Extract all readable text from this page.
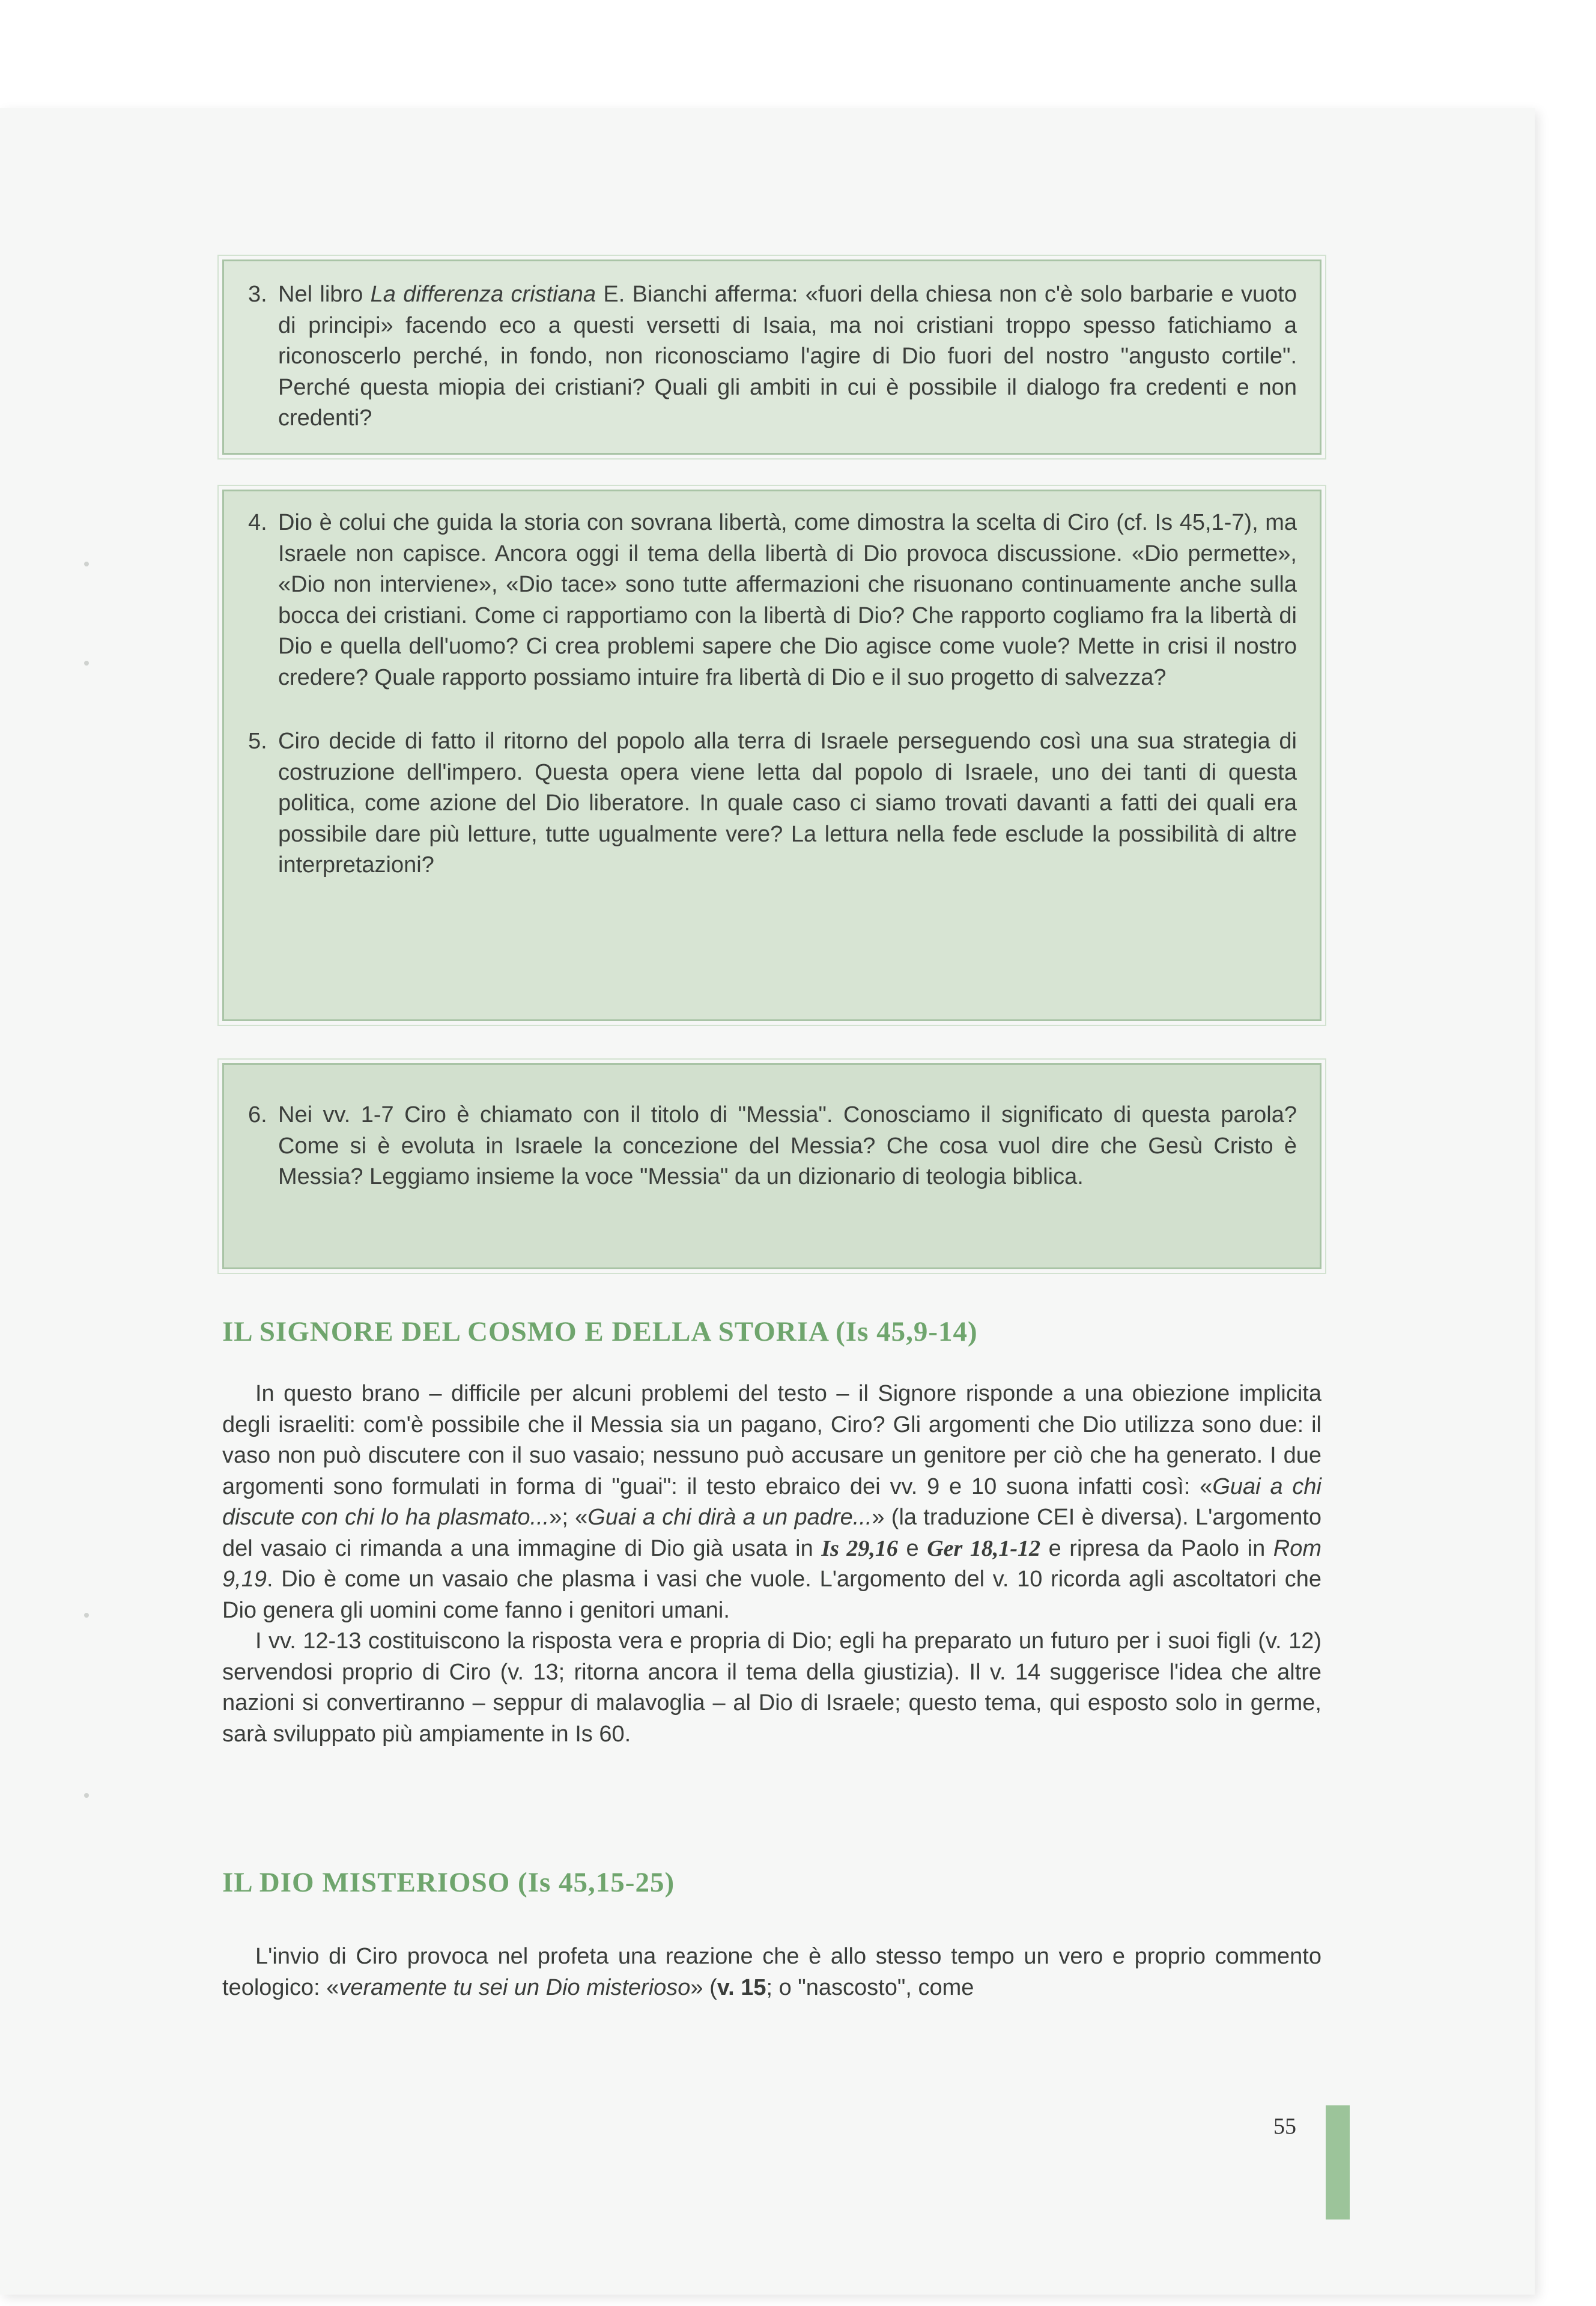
3. Nel libro La differenza cristiana E. Bianchi afferma: «fuori della chiesa non c'è solo barbarie e vuoto di principi» facendo eco a questi versetti di Isaia, ma noi cristiani troppo spesso fatichiamo a riconoscerlo perché, in fondo, non riconosciamo l'agire di Dio fuori del nostro "angusto cortile". Perché questa miopia dei cristiani? Quali gli ambiti in cui è possibile il dialogo fra credenti e non credenti?
4. Dio è colui che guida la storia con sovrana libertà, come dimostra la scelta di Ciro (cf. Is 45,1-7), ma Israele non capisce. Ancora oggi il tema della libertà di Dio provoca discussione. «Dio permette», «Dio non interviene», «Dio tace» sono tutte affermazioni che risuonano continuamente anche sulla bocca dei cristiani. Come ci rapportiamo con la libertà di Dio? Che rapporto cogliamo fra la libertà di Dio e quella dell'uomo? Ci crea problemi sapere che Dio agisce come vuole? Mette in crisi il nostro credere? Quale rapporto possiamo intuire fra libertà di Dio e il suo progetto di salvezza?
5. Ciro decide di fatto il ritorno del popolo alla terra di Israele perseguendo così una sua strategia di costruzione dell'impero. Questa opera viene letta dal popolo di Israele, uno dei tanti di questa politica, come azione del Dio liberatore. In quale caso ci siamo trovati davanti a fatti dei quali era possibile dare più letture, tutte ugualmente vere? La lettura nella fede esclude la possibilità di altre interpretazioni?
6. Nei vv. 1-7 Ciro è chiamato con il titolo di "Messia". Conosciamo il significato di questa parola? Come si è evoluta in Israele la concezione del Messia? Che cosa vuol dire che Gesù Cristo è Messia? Leggiamo insieme la voce "Messia" da un dizionario di teologia biblica.
IL SIGNORE DEL COSMO E DELLA STORIA (Is 45,9-14)

In questo brano – difficile per alcuni problemi del testo – il Signore risponde a una obiezione implicita degli israeliti: com'è possibile che il Messia sia un pagano, Ciro? Gli argomenti che Dio utilizza sono due: il vaso non può discutere con il suo vasaio; nessuno può accusare un genitore per ciò che ha generato. I due argomenti sono formulati in forma di "guai": il testo ebraico dei vv. 9 e 10 suona infatti così: «Guai a chi discute con chi lo ha plasmato...»; «Guai a chi dirà a un padre...» (la traduzione CEI è diversa). L'argomento del vasaio ci rimanda a una immagine di Dio già usata in Is 29,16 e Ger 18,1-12 e ripresa da Paolo in Rom 9,19. Dio è come un vasaio che plasma i vasi che vuole. L'argomento del v. 10 ricorda agli ascoltatori che Dio genera gli uomini come fanno i genitori umani.

I vv. 12-13 costituiscono la risposta vera e propria di Dio; egli ha preparato un futuro per i suoi figli (v. 12) servendosi proprio di Ciro (v. 13; ritorna ancora il tema della giustizia). Il v. 14 suggerisce l'idea che altre nazioni si convertiranno – seppur di malavoglia – al Dio di Israele; questo tema, qui esposto solo in germe, sarà sviluppato più ampiamente in Is 60.

IL DIO MISTERIOSO (Is 45,15-25)

L'invio di Ciro provoca nel profeta una reazione che è allo stesso tempo un vero e proprio commento teologico: «veramente tu sei un Dio misterioso» (v. 15; o "nascosto", come

55
